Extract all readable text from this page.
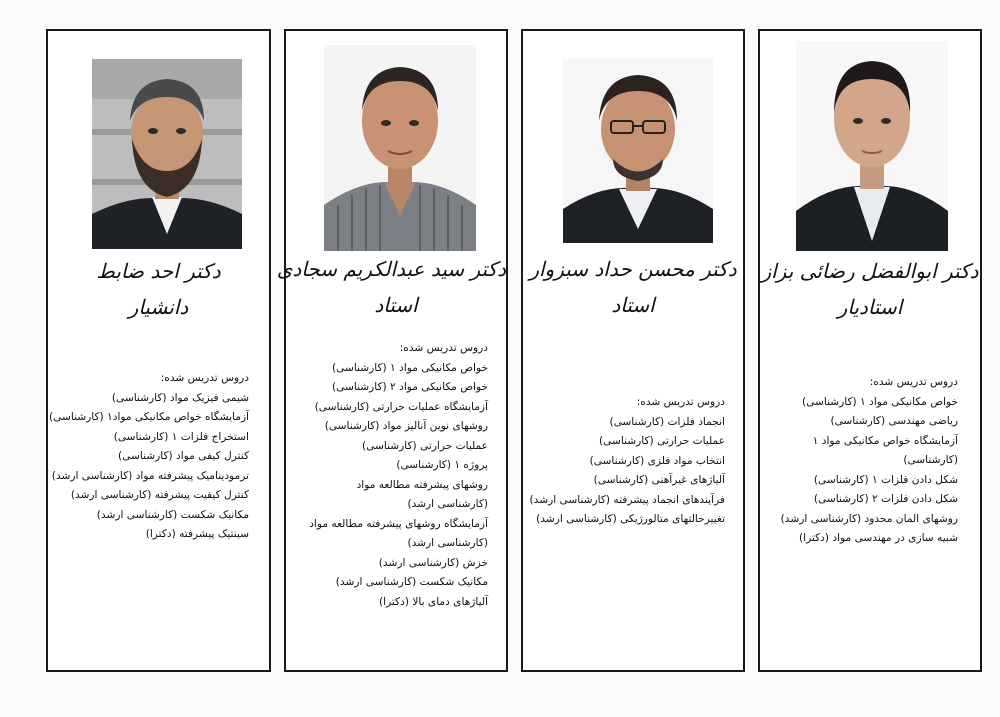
دکتر احد ضابط
دانشیار
دروس تدریس شده:
شیمی فیزیک مواد (کارشناسی)
آزمایشگاه خواص مکانیکی مواد۱ (کارشناسی)
استخراج فلزات ۱ (کارشناسی)
کنترل کیفی مواد (کارشناسی)
ترمودینامیک پیشرفته مواد (کارشناسی ارشد)
کنترل کیفیت پیشرفته (کارشناسی ارشد)
مکانیک شکست (کارشناسی ارشد)
سینتیک پیشرفته (دکترا)
دکتر سید عبدالکریم سجادی
استاد
دروس تدریس شده:
خواص مکانیکی مواد ۱ (کارشناسی)
خواص مکانیکی مواد ۲ (کارشناسی)
آزمایشگاه عملیات حرارتی (کارشناسی)
روشهای نوین آنالیز مواد (کارشناسی)
عملیات حرارتی (کارشناسی)
پروژه ۱ (کارشناسی)
روشهای پیشرفته مطالعه مواد
(کارشناسی ارشد)
آزمایشگاه روشهای پیشرفته مطالعه مواد
(کارشناسی ارشد)
خزش (کارشناسی ارشد)
مکانیک شکست (کارشناسی ارشد)
آلیاژهای دمای بالا (دکترا)
دکتر محسن حداد سبزوار
استاد
دروس تدریس شده:
انجماد فلزات (کارشناسی)
عملیات حرارتی (کارشناسی)
انتخاب مواد فلزی (کارشناسی)
آلیاژهای غیرآهنی (کارشناسی)
فرآیندهای انجماد پیشرفته (کارشناسی ارشد)
تغییرحالتهای متالورژیکی (کارشناسی ارشد)
دکتر ابوالفضل رضائی بزاز
استادیار
دروس تدریس شده:
خواص مکانیکی مواد ۱ (کارشناسی)
ریاضی مهندسی (کارشناسی)
آزمایشگاه خواص مکانیکی مواد ۱
(کارشناسی)
شکل دادن فلزات ۱ (کارشناسی)
شکل دادن فلزات ۲ (کارشناسی)
روشهای المان محدود (کارشناسی ارشد)
شبیه سازی در مهندسی مواد (دکترا)
